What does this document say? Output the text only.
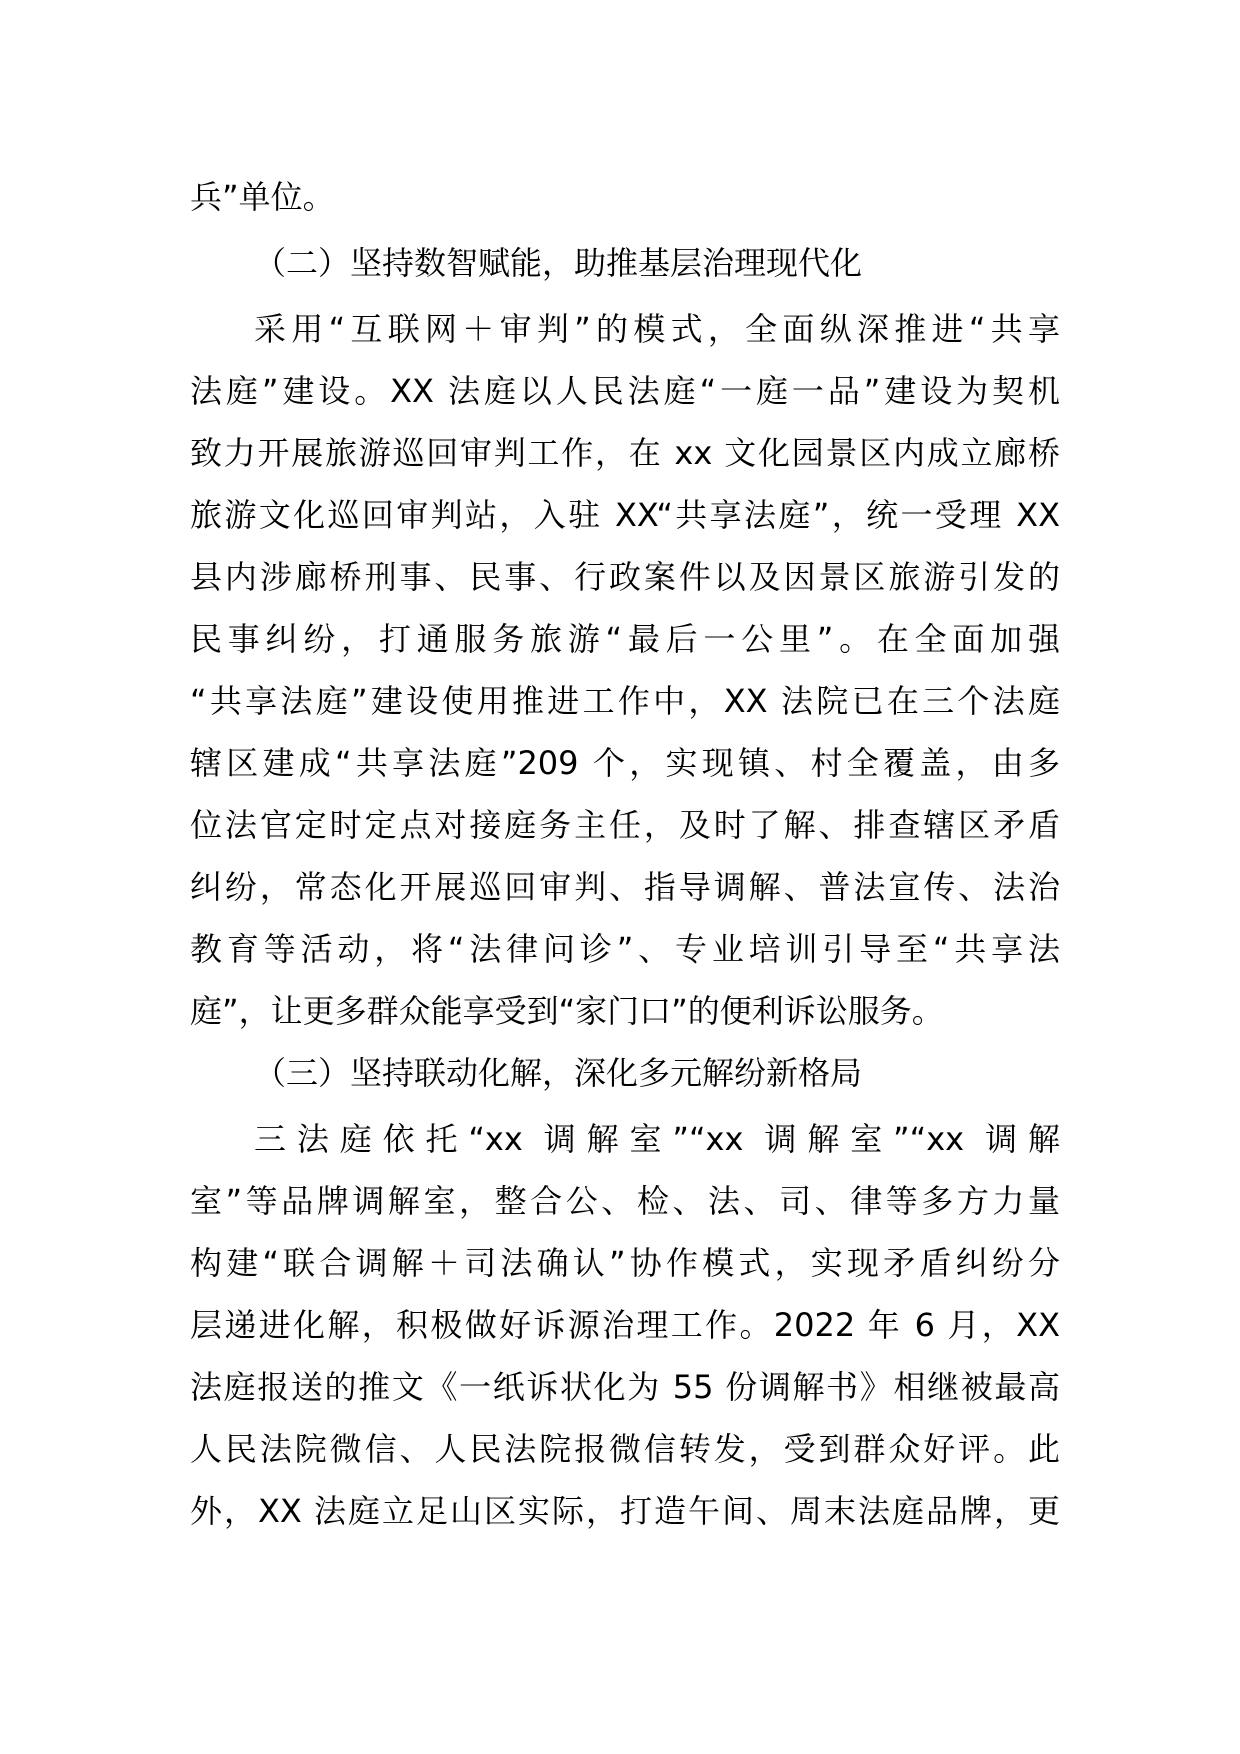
兵”单位。
（二）坚持数智赋能，助推基层治理现代化
采用“互联网＋审判”的模式，全面纵深推进“共享
法庭”建设。XX 法庭以人民法庭“一庭一品”建设为契机
致力开展旅游巡回审判工作，在 xx 文化园景区内成立廊桥
旅游文化巡回审判站，入驻 XX“共享法庭”，统一受理 XX
县内涉廊桥刑事、民事、行政案件以及因景区旅游引发的
民事纠纷，打通服务旅游“最后一公里”。在全面加强
“共享法庭”建设使用推进工作中，XX 法院已在三个法庭
辖区建成“共享法庭”209 个，实现镇、村全覆盖，由多
位法官定时定点对接庭务主任，及时了解、排查辖区矛盾
纠纷，常态化开展巡回审判、指导调解、普法宣传、法治
教育等活动，将“法律问诊”、专业培训引导至“共享法
庭”，让更多群众能享受到“家门口”的便利诉讼服务。
（三）坚持联动化解，深化多元解纷新格局
三法庭依托“xx 调解室”“xx 调解室”“xx 调解
室”等品牌调解室，整合公、检、法、司、律等多方力量
构建“联合调解＋司法确认”协作模式，实现矛盾纠纷分
层递进化解，积极做好诉源治理工作。2022 年 6 月，XX
法庭报送的推文《一纸诉状化为 55 份调解书》相继被最高
人民法院微信、人民法院报微信转发，受到群众好评。此
外，XX 法庭立足山区实际，打造午间、周末法庭品牌，更
